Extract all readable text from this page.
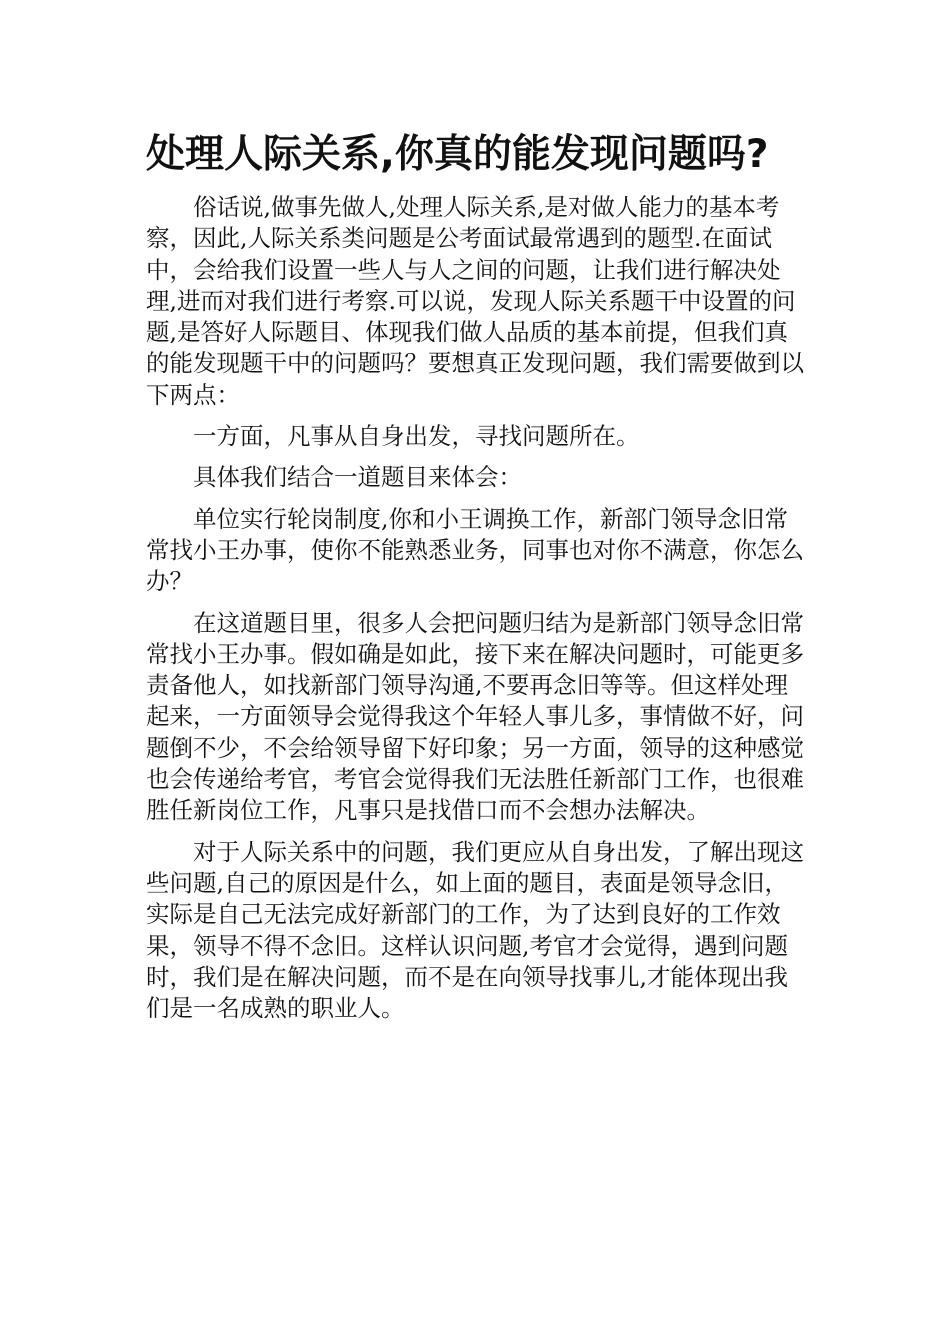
处理人际关系,你真的能发现问题吗?

俗话说,做事先做人,处理人际关系,是对做人能力的基本考察，因此,人际关系类问题是公考面试最常遇到的题型.在面试中，会给我们设置一些人与人之间的问题，让我们进行解决处理,进而对我们进行考察.可以说，发现人际关系题干中设置的问题,是答好人际题目、体现我们做人品质的基本前提，但我们真的能发现题干中的问题吗？要想真正发现问题，我们需要做到以下两点：

一方面，凡事从自身出发，寻找问题所在。

具体我们结合一道题目来体会：

单位实行轮岗制度,你和小王调换工作，新部门领导念旧常常找小王办事，使你不能熟悉业务，同事也对你不满意，你怎么办？

在这道题目里，很多人会把问题归结为是新部门领导念旧常常找小王办事。假如确是如此，接下来在解决问题时，可能更多责备他人，如找新部门领导沟通,不要再念旧等等。但这样处理起来，一方面领导会觉得我这个年轻人事儿多，事情做不好，问题倒不少，不会给领导留下好印象；另一方面，领导的这种感觉也会传递给考官，考官会觉得我们无法胜任新部门工作，也很难胜任新岗位工作，凡事只是找借口而不会想办法解决。

对于人际关系中的问题，我们更应从自身出发，了解出现这些问题,自己的原因是什么，如上面的题目，表面是领导念旧，实际是自己无法完成好新部门的工作，为了达到良好的工作效果，领导不得不念旧。这样认识问题,考官才会觉得，遇到问题时，我们是在解决问题，而不是在向领导找事儿,才能体现出我们是一名成熟的职业人。
